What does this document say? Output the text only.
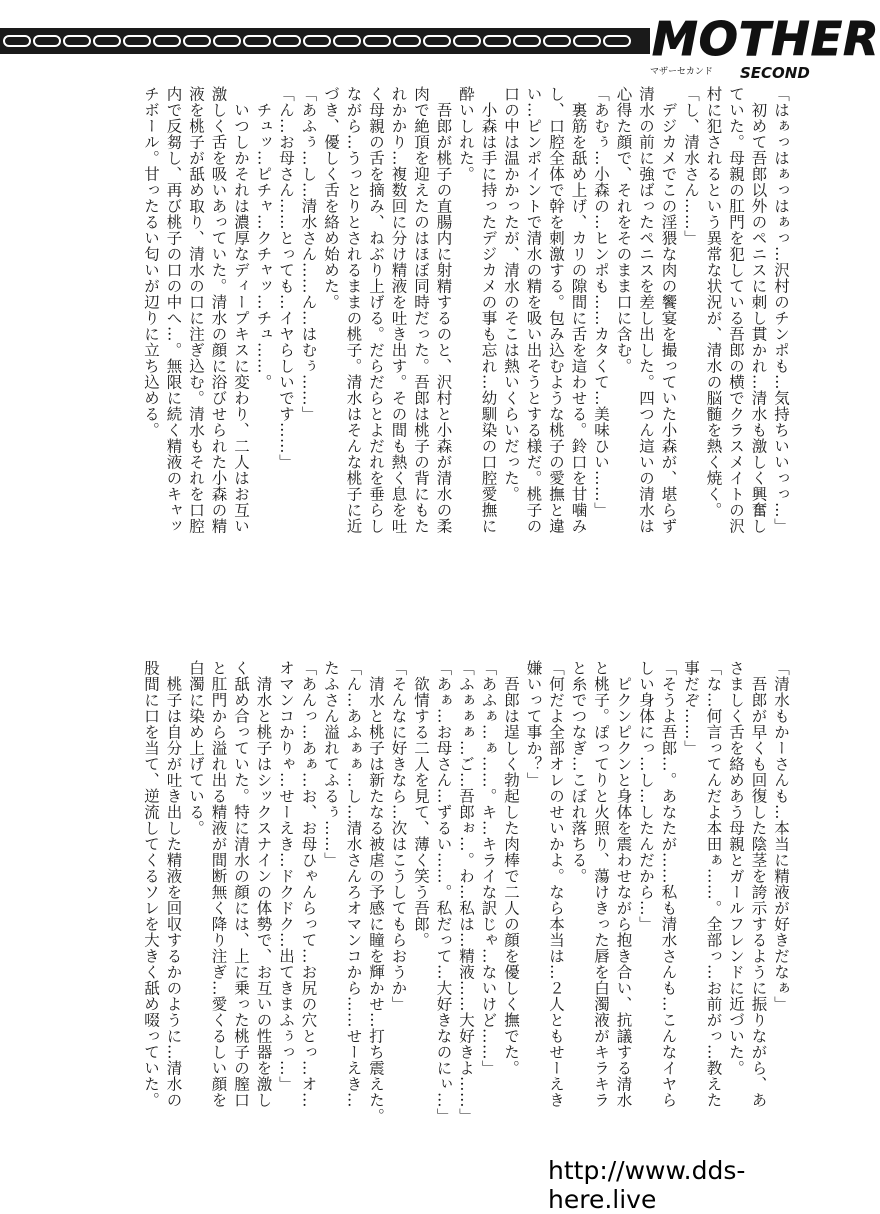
MOTHER
マザーセカンド SECOND
「はぁっはぁっはぁっ…沢村のチンポも…気持ちいいっっ…」
　初めて吾郎以外のペニスに刺し貫かれ…清水も激しく興奮し
ていた。母親の肛門を犯している吾郎の横でクラスメイトの沢
村に犯されるという異常な状況が、清水の脳髄を熱く焼く。
「し、清水さん……」
　デジカメでこの淫猥な肉の饗宴を撮っていた小森が、堪らず
清水の前に強ばったペニスを差し出した。四つん這いの清水は
心得た顔で、それをそのまま口に含む。
「あむぅ…小森の…ヒンポも……カタくて…美味ひい……」
　裏筋を舐め上げ、カリの隙間に舌を這わせる。鈴口を甘噛み
し、口腔全体で幹を刺激する。包み込むような桃子の愛撫と違
い…ピンポイントで清水の精を吸い出そうとする様だ。桃子の
口の中は温かかったが、清水のそこは熱いくらいだった。
　小森は手に持ったデジカメの事も忘れ…幼馴染の口腔愛撫に
酔いしれた。
　吾郎が桃子の直腸内に射精するのと、沢村と小森が清水の柔
肉で絶頂を迎えたのはほぼ同時だった。吾郎は桃子の背にもた
れかかり…複数回に分け精液を吐き出す。その間も熱く息を吐
く母親の舌を摘み、ねぶり上げる。だらだらとよだれを垂らし
ながら…うっとりとされるままの桃子。清水はそんな桃子に近
づき、優しく舌を絡め始めた。
「あふぅ…し…清水さん……ん…はむぅ……」
「ん…お母さん……とっても…イヤらしいです……」
　チュッ…ピチャ…クチャッ…チュ……。
　いつしかそれは濃厚なディープキスに変わり、二人はお互い
激しく舌を吸いあっていた。清水の顔に浴びせられた小森の精
液を桃子が舐め取り、清水の口に注ぎ込む。清水もそれを口腔
内で反芻し、再び桃子の口の中へ…。無限に続く精液のキャッ
チボール。甘ったるい匂いが辺りに立ち込める。
「清水もかーさんも…本当に精液が好きだなぁ」
　吾郎が早くも回復した陰茎を誇示するように振りながら、あ
さましく舌を絡めあう母親とガールフレンドに近づいた。
「な…何言ってんだよ本田ぁ……。全部っ…お前がっ…教えた
事だぞ……」
「そうよ吾郎…。あなたが……私も清水さんも…こんなイヤら
しい身体にっ…し…したんだから…」
　ピクンピクンと身体を震わせながら抱き合い、抗議する清水
と桃子。ぽってりと火照り、蕩けきった唇を白濁液がキラキラ
と糸でつなぎ…こぼれ落ちる。
「何だよ全部オレのせいかよ。なら本当は…２人ともせーえき
嫌いって事か？」
　吾郎は逞しく勃起した肉棒で二人の顔を優しく撫でた。
「あふぁ…ぁ……。キ…キライな訳じゃ…ないけど……」
「ふぁぁぁ…ご…吾郎ぉ…。わ…私は…精液……大好きよ……」
「あぁ…お母さん…ずるい……。私だって…大好きなのにぃ…」
　欲情する二人を見て、薄く笑う吾郎。
「そんなに好きなら…次はこうしてもらおうか」
　清水と桃子は新たなる被虐の予感に瞳を輝かせ…打ち震えた。
「ん…あふぁぁ…し…清水さんろオマンコから……せーえき…
たふさん溢れてふるぅ……」
「あんっ…あぁ…お、お母ひゃんらって…お尻の穴とっ…オ…
オマンコかりゃ…せーえき…ドクドク…出てきまふぅっ…」
　清水と桃子はシックスナインの体勢で、お互いの性器を激し
く舐め合っていた。特に清水の顔には、上に乗った桃子の膣口
と肛門から溢れ出る精液が間断無く降り注ぎ…愛くるしい顔を
白濁に染め上げている。
　桃子は自分が吐き出した精液を回収するかのように…清水の
股間に口を当て、逆流してくるソレを大きく舐め啜っていた。
http://www.dds-here.live
